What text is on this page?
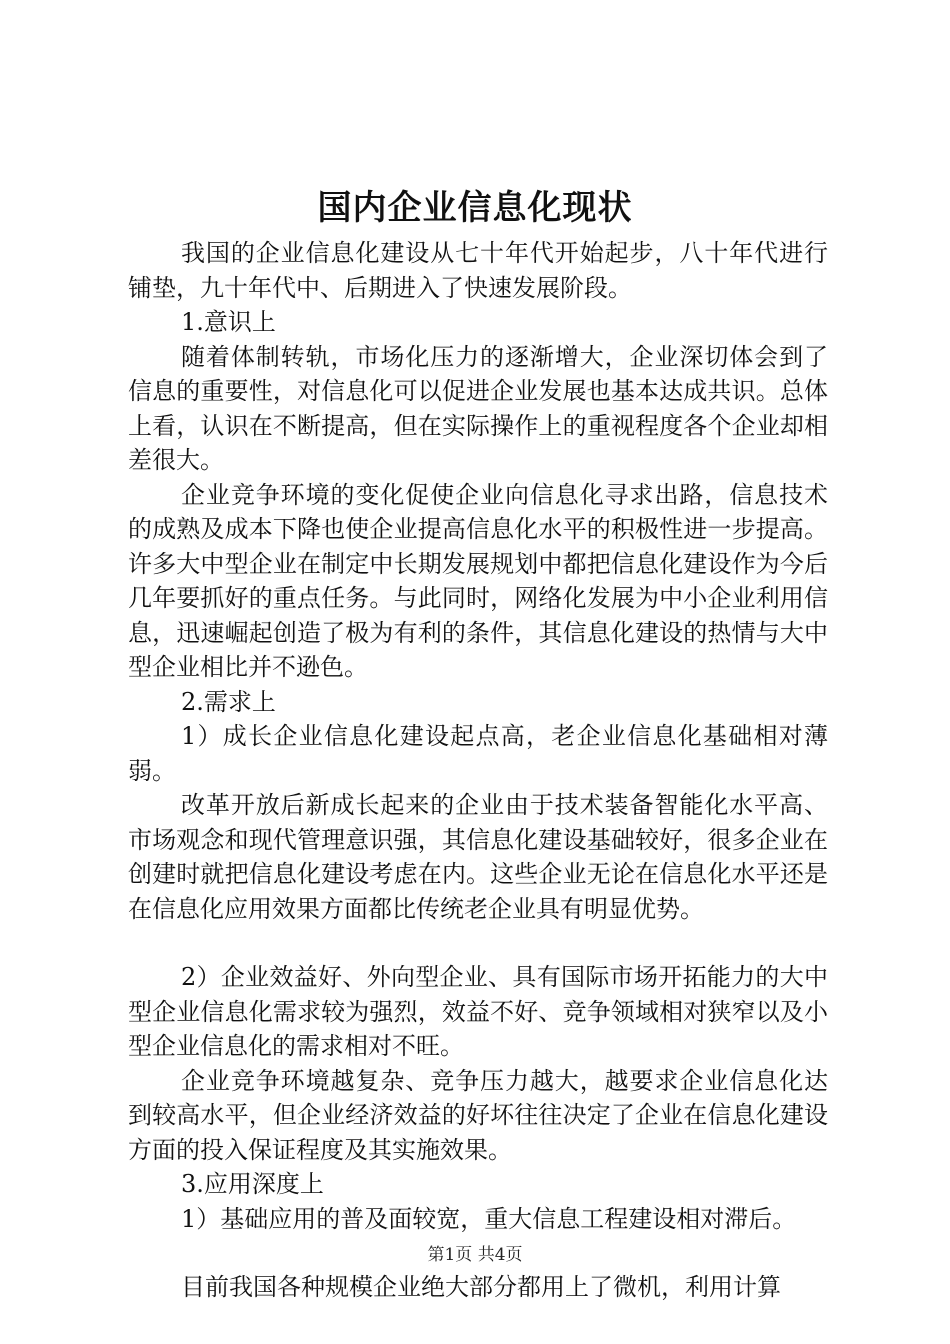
国内企业信息化现状

我国的企业信息化建设从七十年代开始起步，八十年代进行铺垫，九十年代中、后期进入了快速发展阶段。

1.意识上

随着体制转轨，市场化压力的逐渐增大，企业深切体会到了信息的重要性，对信息化可以促进企业发展也基本达成共识。总体上看，认识在不断提高，但在实际操作上的重视程度各个企业却相差很大。

企业竞争环境的变化促使企业向信息化寻求出路，信息技术的成熟及成本下降也使企业提高信息化水平的积极性进一步提高。许多大中型企业在制定中长期发展规划中都把信息化建设作为今后几年要抓好的重点任务。与此同时，网络化发展为中小企业利用信息，迅速崛起创造了极为有利的条件，其信息化建设的热情与大中型企业相比并不逊色。

2.需求上

1）成长企业信息化建设起点高，老企业信息化基础相对薄弱。

改革开放后新成长起来的企业由于技术装备智能化水平高、市场观念和现代管理意识强，其信息化建设基础较好，很多企业在创建时就把信息化建设考虑在内。这些企业无论在信息化水平还是在信息化应用效果方面都比传统老企业具有明显优势。

2）企业效益好、外向型企业、具有国际市场开拓能力的大中型企业信息化需求较为强烈，效益不好、竞争领域相对狭窄以及小型企业信息化的需求相对不旺。

企业竞争环境越复杂、竞争压力越大，越要求企业信息化达到较高水平，但企业经济效益的好坏往往决定了企业在信息化建设方面的投入保证程度及其实施效果。

3.应用深度上

1）基础应用的普及面较宽，重大信息工程建设相对滞后。

目前我国各种规模企业绝大部分都用上了微机，利用计算

第1页 共4页
